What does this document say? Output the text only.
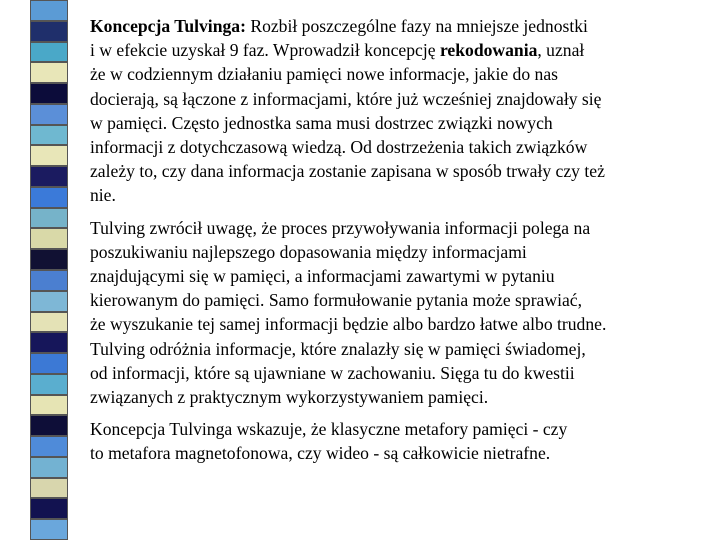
Koncepcja Tulvinga: Rozbił poszczególne fazy na mniejsze jednostki
i w efekcie uzyskał 9 faz. Wprowadził koncepcję rekodowania, uznał
że w codziennym działaniu pamięci nowe informacje, jakie do nas
docierają, są łączone z informacjami, które już wcześniej znajdowały się
w pamięci. Często jednostka sama musi dostrzec związki nowych
informacji z dotychczasową wiedzą. Od dostrzeżenia takich związków
zależy to, czy dana informacja zostanie zapisana w sposób trwały czy też
nie.

Tulving zwrócił uwagę, że proces przywoływania informacji polega na
poszukiwaniu najlepszego dopasowania między informacjami
znajdującymi się w pamięci, a informacjami zawartymi w pytaniu
kierowanym do pamięci. Samo formułowanie pytania może sprawiać,
że wyszukanie tej samej informacji będzie albo bardzo łatwe albo trudne.
Tulving odróżnia informacje, które znalazły się w pamięci świadomej,
od informacji, które są ujawniane w zachowaniu. Sięga tu do kwestii
związanych z praktycznym wykorzystywaniem pamięci.

Koncepcja Tulvinga wskazuje, że klasyczne metafory pamięci - czy
to metafora magnetofonowa, czy wideo - są całkowicie nietrafne.
